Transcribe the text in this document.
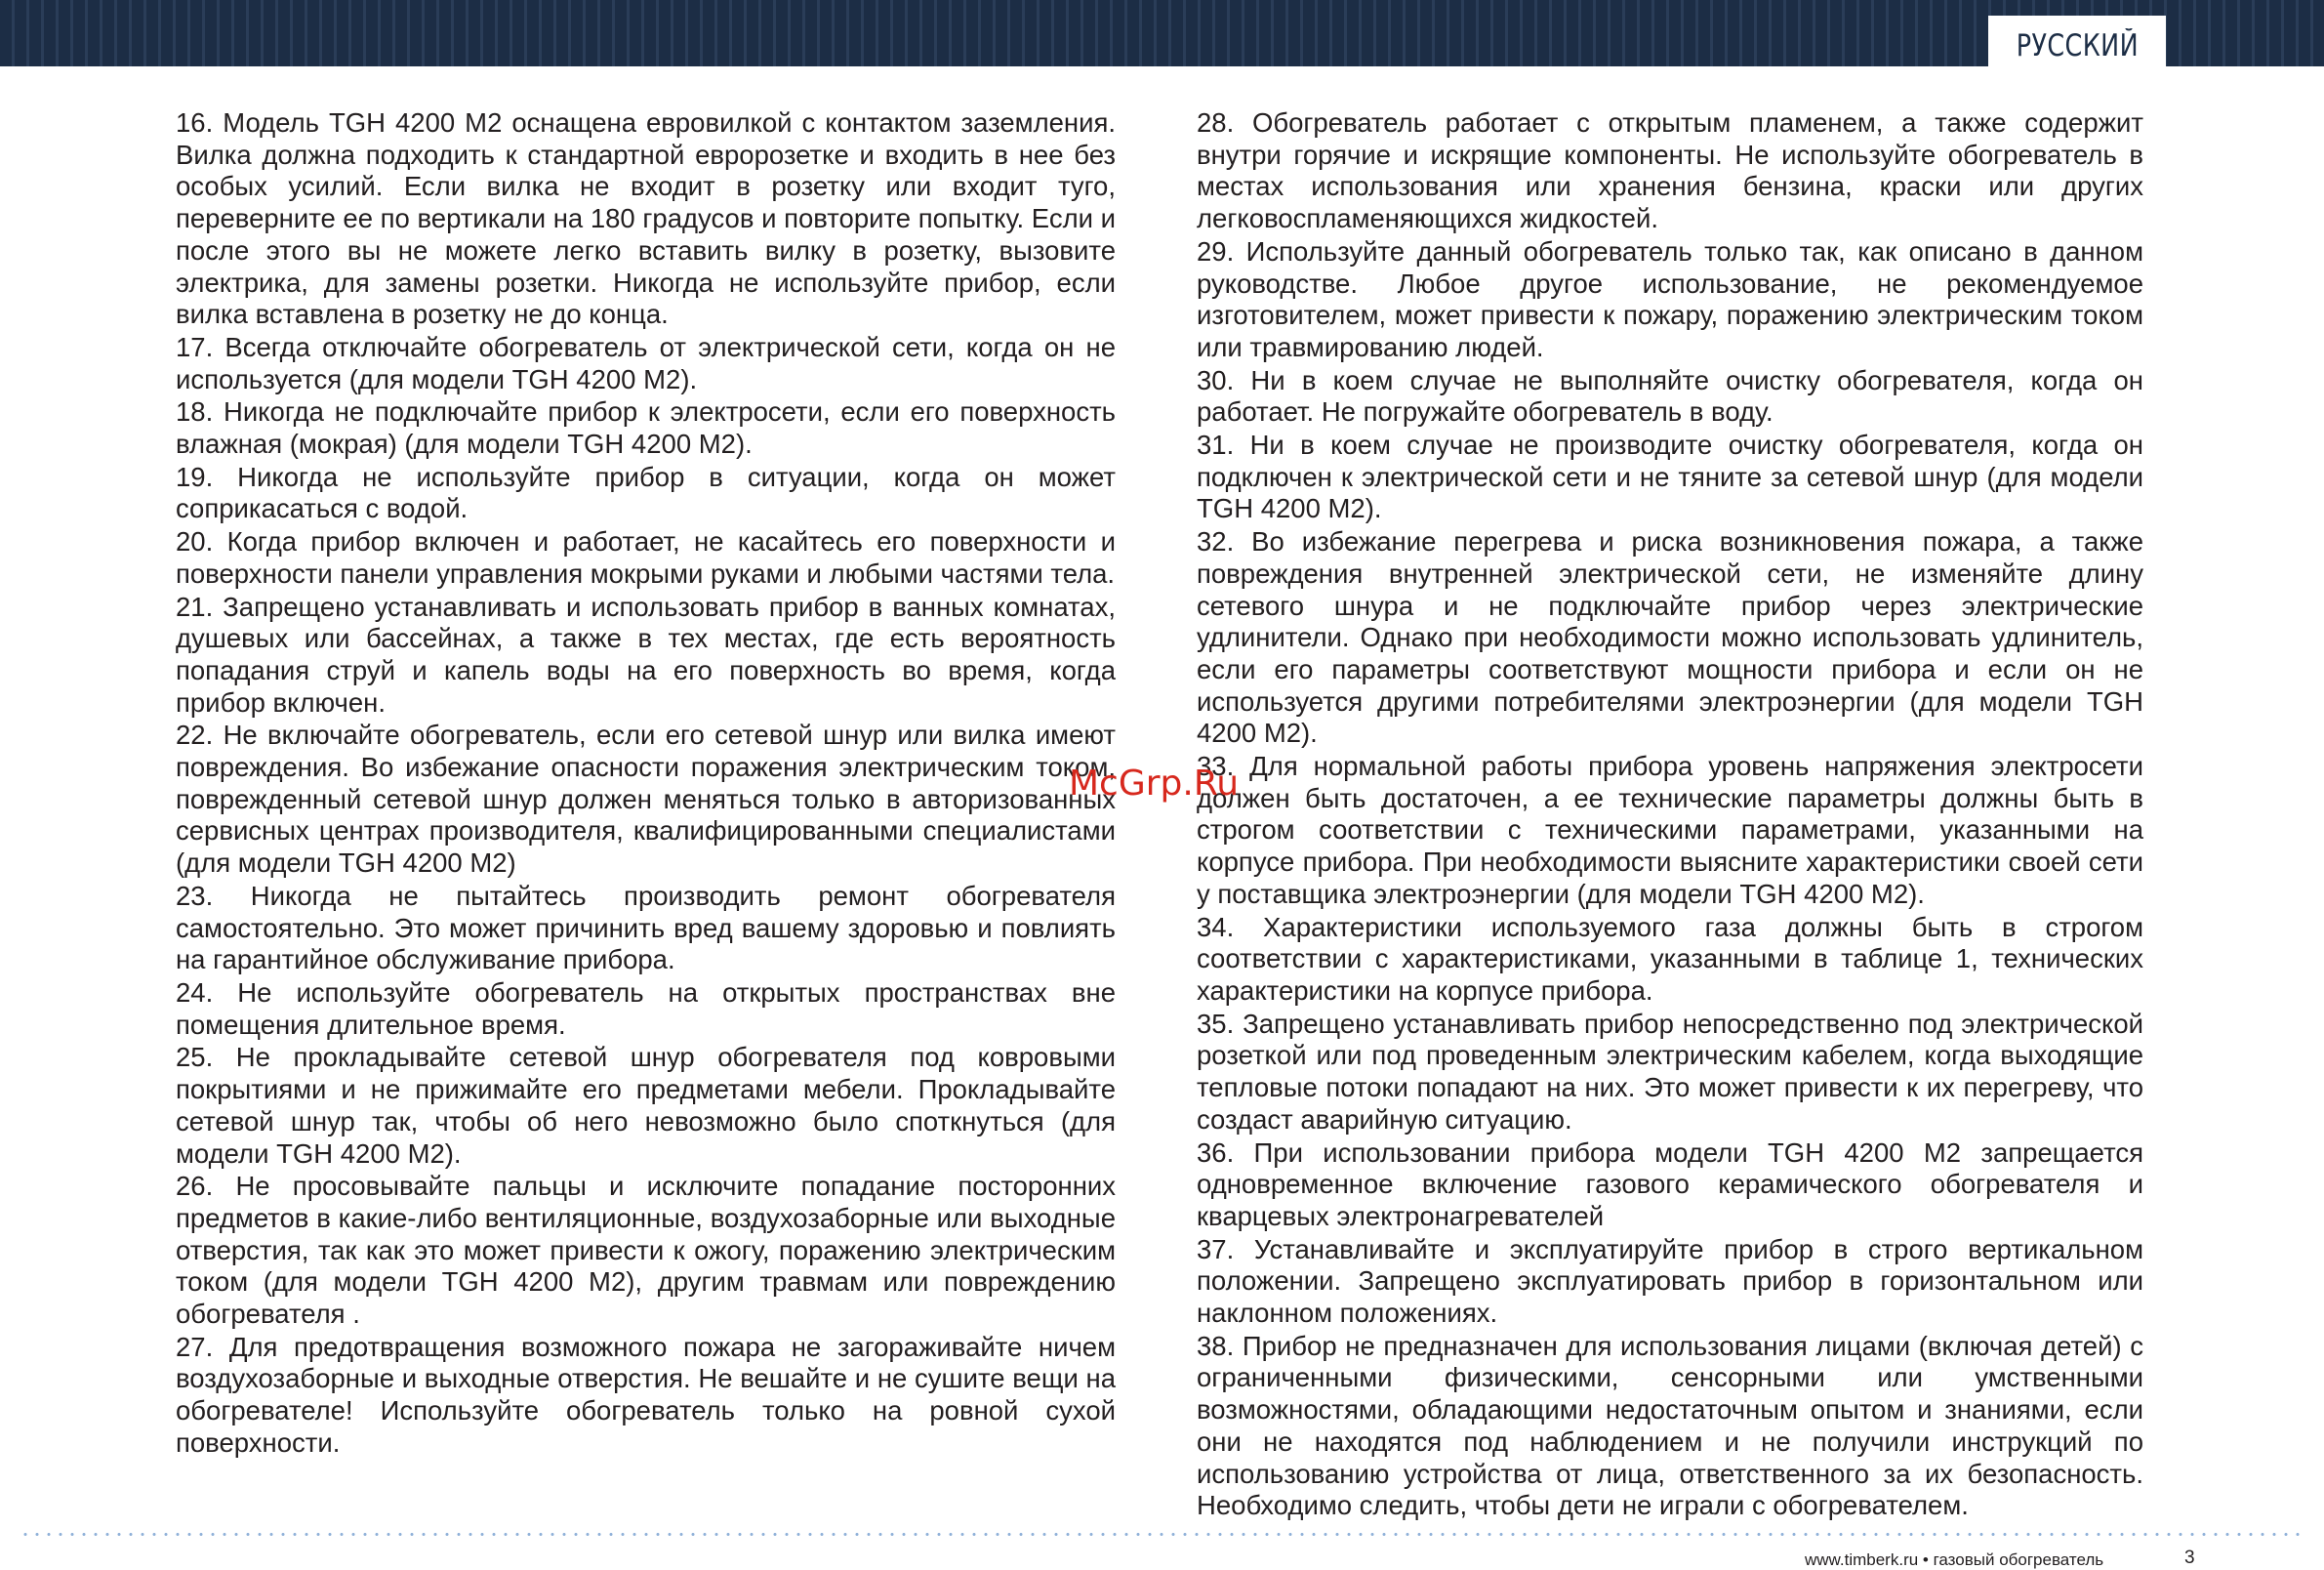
РУССКИЙ

16. Модель TGH 4200 M2 оснащена евровилкой с контактом заземления. Вилка должна подходить к стандартной евророзетке и входить в нее без особых усилий. Если вилка не входит в розетку или входит туго, переверните ее по вертикали на 180 градусов и повторите попытку. Если и после этого вы не можете легко вставить вилку в розетку, вызовите электрика, для замены розетки. Никогда не используйте прибор, если вилка вставлена в розетку не до конца.

17. Всегда отключайте обогреватель от электрической сети, когда он не используется (для модели TGH 4200 M2).

18. Никогда не подключайте прибор к электросети, если его поверхность влажная (мокрая) (для модели TGH 4200 M2).

19. Никогда не используйте прибор в ситуации, когда он может соприкасаться с водой.

20. Когда прибор включен и работает, не касайтесь его поверхности и поверхности панели управления мокрыми руками и любыми частями тела.

21. Запрещено устанавливать и использовать прибор в ванных комнатах, душевых или бассейнах, а также в тех местах, где есть вероятность попадания струй и капель воды на его поверхность во время, когда прибор включен.

22. Не включайте обогреватель, если его сетевой шнур или вилка имеют повреждения. Во избежание опасности поражения электрическим током, поврежденный сетевой шнур должен меняться только в авторизованных сервисных центрах производителя, квалифицированными специалистами (для модели TGH 4200 M2)

23. Никогда не пытайтесь производить ремонт обогревателя самостоятельно. Это может причинить вред вашему здоровью и повлиять на гарантийное обслуживание прибора.

24. Не используйте обогреватель на открытых пространствах вне помещения длительное время.

25. Не прокладывайте сетевой шнур обогревателя под ковровыми покрытиями и не прижимайте его предметами мебели. Прокладывайте сетевой шнур так, чтобы об него невозможно было споткнуться (для модели TGH 4200 M2).

26. Не просовывайте пальцы и исключите попадание посторонних предметов в какие-либо вентиляционные, воздухозаборные или выходные отверстия, так как это может привести к ожогу, поражению электрическим током (для модели TGH 4200 M2), другим травмам или повреждению обогревателя .

27. Для предотвращения возможного пожара не загораживайте ничем воздухозаборные и выходные отверстия. Не вешайте и не сушите вещи на обогревателе! Используйте обогреватель только на ровной сухой поверхности.

28. Обогреватель работает с открытым пламенем, а также содержит внутри горячие и искрящие компоненты. Не используйте обогреватель в местах использования или хранения бензина, краски или других легковоспламеняющихся жидкостей.

29. Используйте данный обогреватель только так, как описано в данном руководстве. Любое другое использование, не рекомендуемое изготовителем, может привести к пожару, поражению электрическим током или травмированию людей.

30. Ни в коем случае не выполняйте очистку обогревателя, когда он работает. Не погружайте обогреватель в воду.

31. Ни в коем случае не производите очистку обогревателя, когда он подключен к электрической сети и не тяните за сетевой шнур (для модели TGH 4200 M2).

32. Во избежание перегрева и риска возникновения пожара, а также повреждения внутренней электрической сети, не изменяйте длину сетевого шнура и не подключайте прибор через электрические удлинители. Однако при необходимости можно использовать удлинитель, если его параметры соответствуют мощности прибора и если он не используется другими потребителями электроэнергии (для модели TGH 4200 M2).

33. Для нормальной работы прибора уровень напряжения электросети должен быть достаточен, а ее технические параметры должны быть в строгом соответствии с техническими параметрами, указанными на корпусе прибора. При необходимости выясните характеристики своей сети у поставщика электроэнергии (для модели TGH 4200 M2).

34. Характеристики используемого газа должны быть в строгом соответствии с характеристиками, указанными в таблице 1, технических характеристики на корпусе прибора.

35. Запрещено устанавливать прибор непосредственно под электрической розеткой или под проведенным электрическим кабелем, когда выходящие тепловые потоки попадают на них. Это может привести к их перегреву, что создаст аварийную ситуацию.

36. При использовании прибора модели TGH 4200 M2 запрещается одновременное включение газового керамического обогревателя и кварцевых электронагревателей

37. Устанавливайте и эксплуатируйте прибор в строго вертикальном положении. Запрещено эксплуатировать прибор в горизонтальном или наклонном положениях.

38. Прибор не предназначен для использования лицами (включая детей) с ограниченными физическими, сенсорными или умственными возможностями, обладающими недостаточным опытом и знаниями, если они не находятся под наблюдением и не получили инструкций по использованию устройства от лица, ответственного за их безопасность. Необходимо следить, чтобы дети не играли с обогревателем.

McGrp.Ru
www.timberk.ru • газовый обогреватель	3
